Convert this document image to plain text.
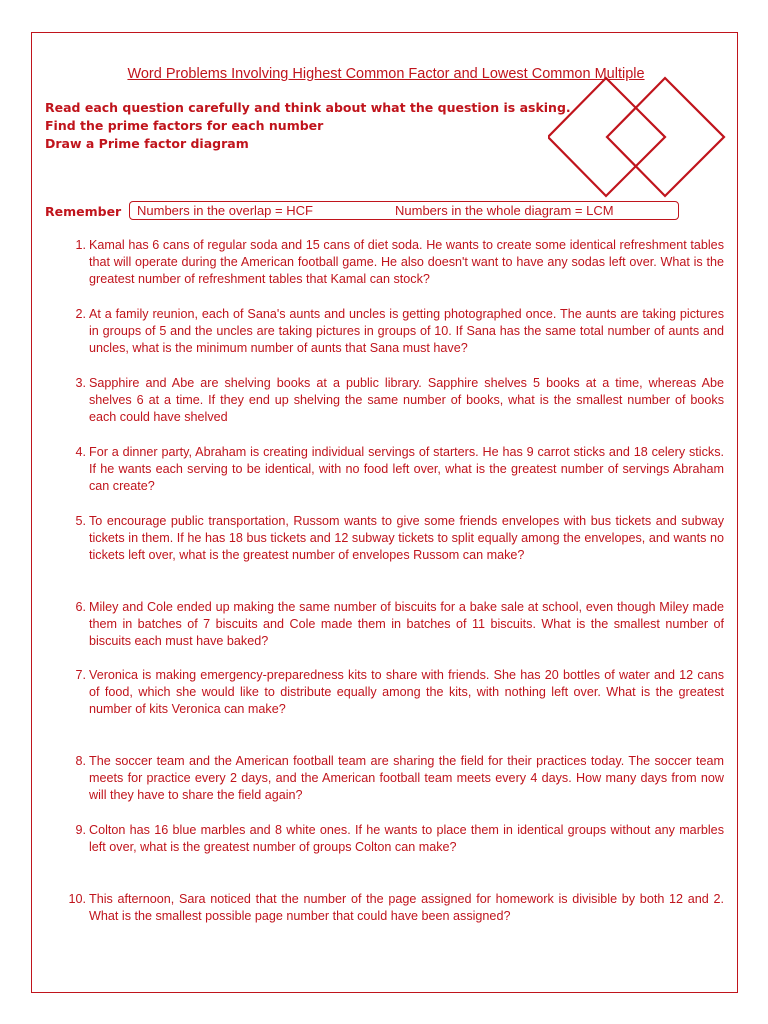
Word Problems Involving Highest Common Factor and Lowest Common Multiple
Read each question carefully and think about what the question is asking.
Find the prime factors for each number
Draw a Prime factor diagram
Remember Numbers in the overlap = HCF	Numbers in the whole diagram = LCM
1. Kamal has 6 cans of regular soda and 15 cans of diet soda. He wants to create some identical refreshment tables that will operate during the American football game. He also doesn't want to have any sodas left over. What is the greatest number of refreshment tables that Kamal can stock?
2. At a family reunion, each of Sana's aunts and uncles is getting photographed once. The aunts are taking pictures in groups of 5 and the uncles are taking pictures in groups of 10. If Sana has the same total number of aunts and uncles, what is the minimum number of aunts that Sana must have?
3. Sapphire and Abe are shelving books at a public library. Sapphire shelves 5 books at a time, whereas Abe shelves 6 at a time. If they end up shelving the same number of books, what is the smallest number of books each could have shelved
4. For a dinner party, Abraham is creating individual servings of starters. He has 9 carrot sticks and 18 celery sticks. If he wants each serving to be identical, with no food left over, what is the greatest number of servings Abraham can create?
5. To encourage public transportation, Russom wants to give some friends envelopes with bus tickets and subway tickets in them. If he has 18 bus tickets and 12 subway tickets to split equally among the envelopes, and wants no tickets left over, what is the greatest number of envelopes Russom can make?
6. Miley and Cole ended up making the same number of biscuits for a bake sale at school, even though Miley made them in batches of 7 biscuits and Cole made them in batches of 11 biscuits. What is the smallest number of biscuits each must have baked?
7. Veronica is making emergency-preparedness kits to share with friends. She has 20 bottles of water and 12 cans of food, which she would like to distribute equally among the kits, with nothing left over. What is the greatest number of kits Veronica can make?
8. The soccer team and the American football team are sharing the field for their practices today. The soccer team meets for practice every 2 days, and the American football team meets every 4 days. How many days from now will they have to share the field again?
9. Colton has 16 blue marbles and 8 white ones. If he wants to place them in identical groups without any marbles left over, what is the greatest number of groups Colton can make?
10. This afternoon, Sara noticed that the number of the page assigned for homework is divisible by both 12 and 2. What is the smallest possible page number that could have been assigned?
